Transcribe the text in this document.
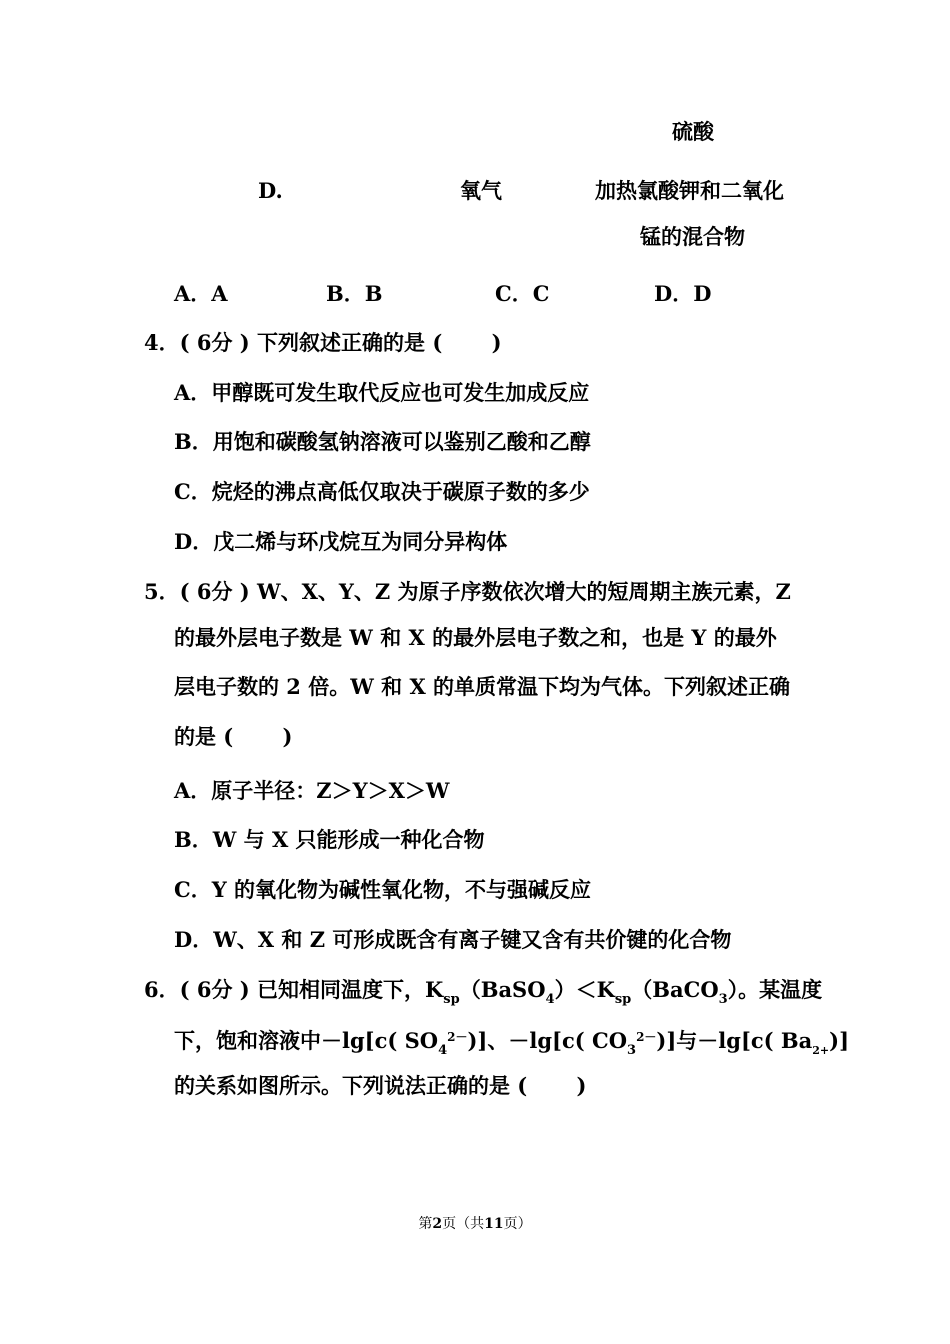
硫酸
D.	氧气	加热氯酸钾和二氧化
锰的混合物
A．A	B．B	C．C	D．D
4．( 6分 ) 下列叙述正确的是 (　　 )
A．甲醇既可发生取代反应也可发生加成反应
B．用饱和碳酸氢钠溶液可以鉴别乙酸和乙醇
C．烷烃的沸点高低仅取决于碳原子数的多少
D．戊二烯与环戊烷互为同分异构体
5．( 6分 ) W、X、Y、Z 为原子序数依次增大的短周期主族元素，Z
的最外层电子数是 W 和 X 的最外层电子数之和，也是 Y 的最外
层电子数的 2 倍。W 和 X 的单质常温下均为气体。下列叙述正确
的是 (　　 )
A．原子半径：Z＞Y＞X＞W
B．W 与 X 只能形成一种化合物
C．Y 的氧化物为碱性氧化物，不与强碱反应
D．W、X 和 Z 可形成既含有离子键又含有共价键的化合物
6．( 6分 ) 已知相同温度下，$K_{sp}(BaSO_4)<K_{sp}(BaCO_3)$。某温度
下，饱和溶液中－lg[c( $SO_4^{2-}$)]、－lg[c( $CO_3^{2-}$)]与－lg[c( $Ba_{2+}$)]
的关系如图所示。下列说法正确的是 (　　 )
第2页（共11页）
